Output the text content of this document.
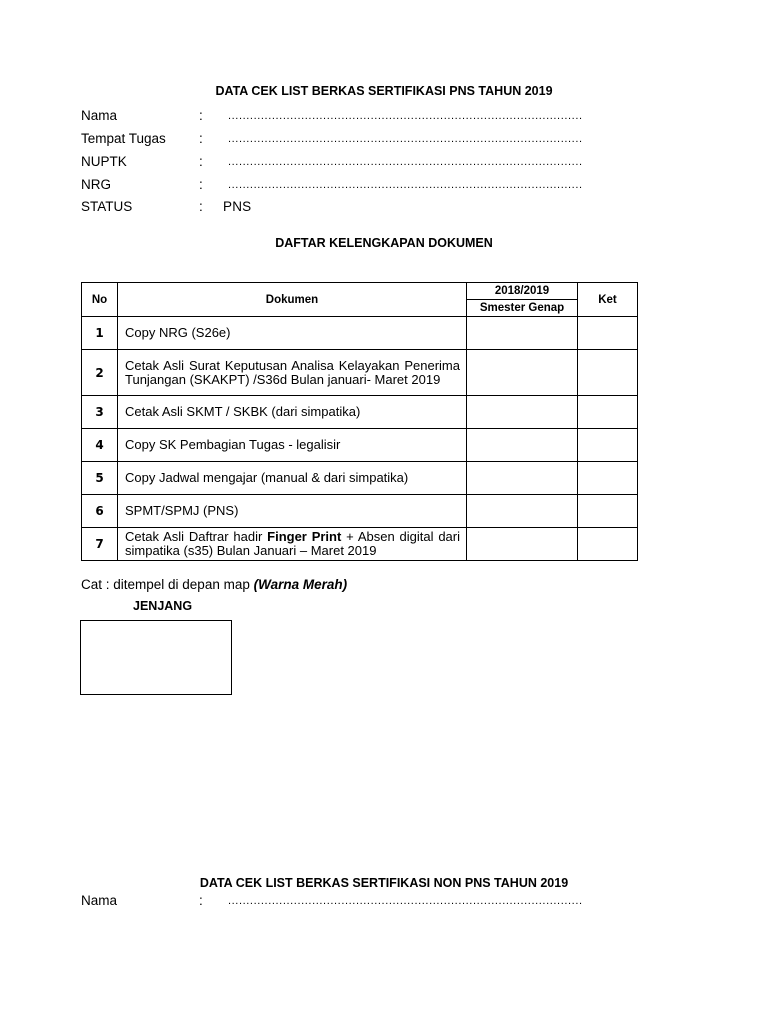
DATA CEK LIST BERKAS SERTIFIKASI PNS TAHUN 2019
Nama	: .................................................................................................
Tempat Tugas : .................................................................................................
NUPTK	: .................................................................................................
NRG	: .................................................................................................
STATUS	: PNS
DAFTAR KELENGKAPAN DOKUMEN
No	Dokumen	2018/2019	Ket
		Smester Genap	
1	Copy NRG (S26e)		
2	Cetak Asli Surat Keputusan Analisa Kelayakan Penerima Tunjangan (SKAKPT) /S36d Bulan januari- Maret 2019		
3	Cetak Asli SKMT / SKBK (dari simpatika)		
4	Copy SK Pembagian Tugas - legalisir		
5	Copy Jadwal mengajar (manual & dari simpatika)		
6	SPMT/SPMJ (PNS)		
7	Cetak Asli Daftrar hadir Finger Print + Absen digital dari simpatika (s35) Bulan Januari – Maret 2019		
Cat : ditempel di depan map (Warna Merah)
JENJANG
DATA CEK LIST BERKAS SERTIFIKASI NON PNS TAHUN 2019
Nama	: .................................................................................................
